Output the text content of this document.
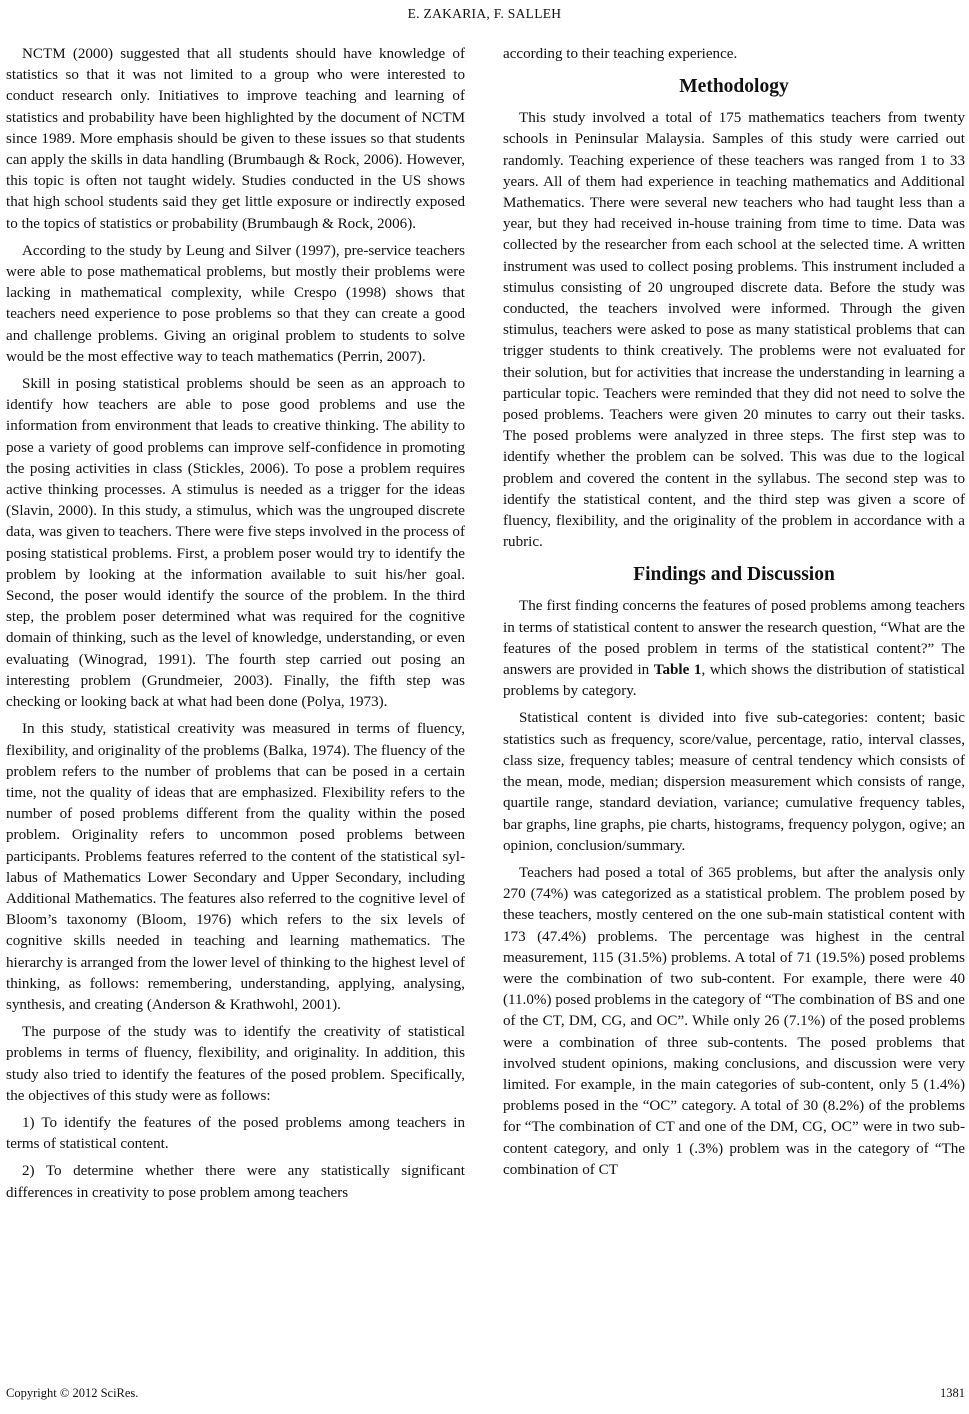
E. ZAKARIA, F. SALLEH

NCTM (2000) suggested that all students should have knowledge of statistics so that it was not limited to a group who were interested to conduct research only. Initiatives to improve teaching and learning of statistics and probability have been highlighted by the document of NCTM since 1989. More emphasis should be given to these issues so that students can apply the skills in data handling (Brumbaugh & Rock, 2006). However, this topic is often not taught widely. Studies conducted in the US shows that high school students said they get little exposure or indirectly exposed to the topics of statistics or probability (Brumbaugh & Rock, 2006).

According to the study by Leung and Silver (1997), pre-service teachers were able to pose mathematical problems, but mostly their problems were lacking in mathematical complexity, while Crespo (1998) shows that teachers need experience to pose problems so that they can create a good and challenge problems. Giving an original problem to students to solve would be the most effective way to teach mathematics (Perrin, 2007).

Skill in posing statistical problems should be seen as an approach to identify how teachers are able to pose good problems and use the information from environment that leads to creative thinking. The ability to pose a variety of good problems can improve self-confidence in promoting the posing activities in class (Stickles, 2006). To pose a problem requires active thinking processes. A stimulus is needed as a trigger for the ideas (Slavin, 2000). In this study, a stimulus, which was the ungrouped discrete data, was given to teachers. There were five steps involved in the process of posing statistical problems. First, a problem poser would try to identify the problem by looking at the information available to suit his/her goal. Second, the poser would identify the source of the problem. In the third step, the problem poser determined what was required for the cognitive domain of thinking, such as the level of knowledge, understanding, or even evaluating (Winograd, 1991). The fourth step carried out posing an interesting problem (Grundmeier, 2003). Finally, the fifth step was checking or looking back at what had been done (Polya, 1973).

In this study, statistical creativity was measured in terms of fluency, flexibility, and originality of the problems (Balka, 1974). The fluency of the problem refers to the number of problems that can be posed in a certain time, not the quality of ideas that are emphasized. Flexibility refers to the number of posed problems different from the quality within the posed problem. Originality refers to uncommon posed problems between participants. Problems features referred to the content of the statistical syllabus of Mathematics Lower Secondary and Upper Secondary, including Additional Mathematics. The features also referred to the cognitive level of Bloom’s taxonomy (Bloom, 1976) which refers to the six levels of cognitive skills needed in teaching and learning mathematics. The hierarchy is arranged from the lower level of thinking to the highest level of thinking, as follows: remembering, understanding, applying, analysing, synthesis, and creating (Anderson & Krathwohl, 2001).

The purpose of the study was to identify the creativity of statistical problems in terms of fluency, flexibility, and originality. In addition, this study also tried to identify the features of the posed problem. Specifically, the objectives of this study were as follows:

1) To identify the features of the posed problems among teachers in terms of statistical content.

2) To determine whether there were any statistically significant differences in creativity to pose problem among teachers

according to their teaching experience.

Methodology

This study involved a total of 175 mathematics teachers from twenty schools in Peninsular Malaysia. Samples of this study were carried out randomly. Teaching experience of these teachers was ranged from 1 to 33 years. All of them had experience in teaching mathematics and Additional Mathematics. There were several new teachers who had taught less than a year, but they had received in-house training from time to time. Data was collected by the researcher from each school at the selected time. A written instrument was used to collect posing problems. This instrument included a stimulus consisting of 20 ungrouped discrete data. Before the study was conducted, the teachers involved were informed. Through the given stimulus, teachers were asked to pose as many statistical problems that can trigger students to think creatively. The problems were not evaluated for their solution, but for activities that increase the understanding in learning a particular topic. Teachers were reminded that they did not need to solve the posed problems. Teachers were given 20 minutes to carry out their tasks. The posed problems were analyzed in three steps. The first step was to identify whether the problem can be solved. This was due to the logical problem and covered the content in the syllabus. The second step was to identify the statistical content, and the third step was given a score of fluency, flexibility, and the originality of the problem in accordance with a rubric.

Findings and Discussion

The first finding concerns the features of posed problems among teachers in terms of statistical content to answer the research question, “What are the features of the posed problem in terms of the statistical content?” The answers are provided in Table 1, which shows the distribution of statistical problems by category.

Statistical content is divided into five sub-categories: content; basic statistics such as frequency, score/value, percentage, ratio, interval classes, class size, frequency tables; measure of central tendency which consists of the mean, mode, median; dispersion measurement which consists of range, quartile range, standard deviation, variance; cumulative frequency tables, bar graphs, line graphs, pie charts, histograms, frequency polygon, ogive; an opinion, conclusion/summary.

Teachers had posed a total of 365 problems, but after the analysis only 270 (74%) was categorized as a statistical problem. The problem posed by these teachers, mostly centered on the one sub-main statistical content with 173 (47.4%) problems. The percentage was highest in the central measurement, 115 (31.5%) problems. A total of 71 (19.5%) posed problems were the combination of two sub-content. For example, there were 40 (11.0%) posed problems in the category of “The combination of BS and one of the CT, DM, CG, and OC”. While only 26 (7.1%) of the posed problems were a combination of three sub-contents. The posed problems that involved student opinions, making conclusions, and discussion were very limited. For example, in the main categories of sub-content, only 5 (1.4%) problems posed in the “OC” category. A total of 30 (8.2%) of the problems for “The combination of CT and one of the DM, CG, OC” were in two sub-content category, and only 1 (.3%) problem was in the category of “The combination of CT

Copyright © 2012 SciRes.	1381
